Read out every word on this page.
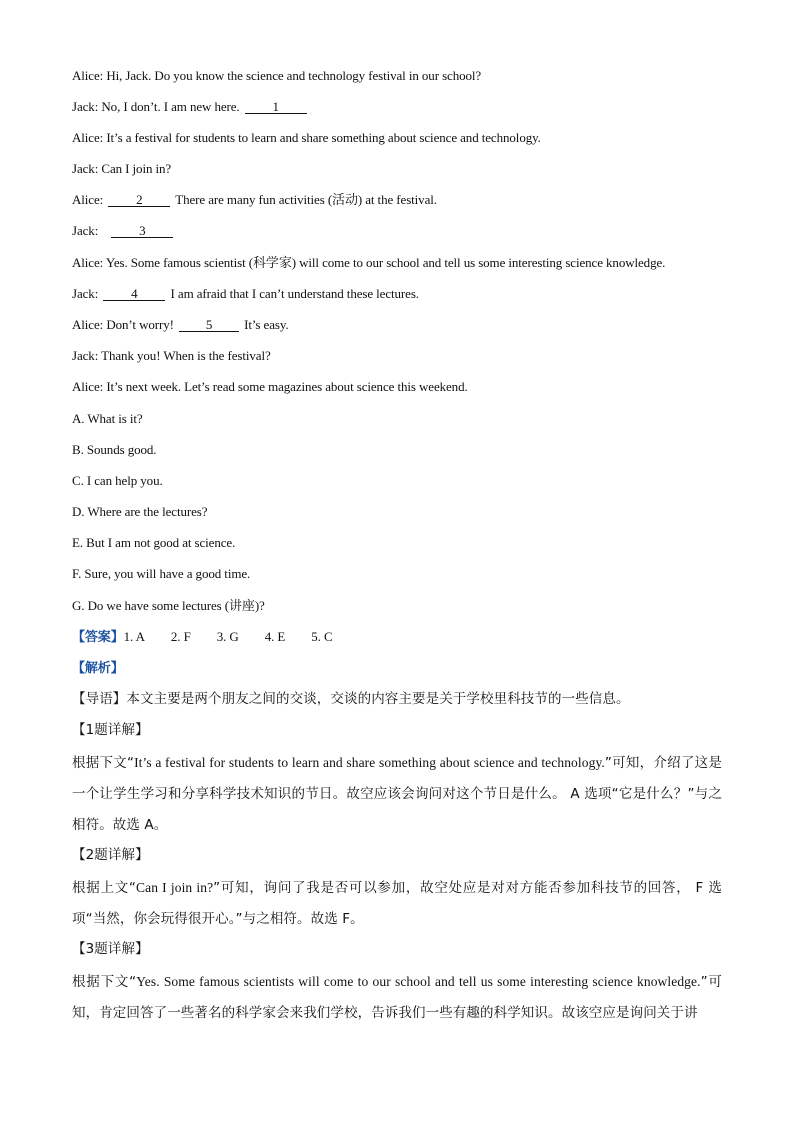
Alice: Hi, Jack. Do you know the science and technology festival in our school?
Jack: No, I don’t. I am new here.	1
Alice: It’s a festival for students to learn and share something about science and technology.
Jack: Can I join in?
Alice:	2	There are many fun activities (活动) at the festival.
Jack:	3
Alice: Yes. Some famous scientist (科学家) will come to our school and tell us some interesting science knowledge.
Jack:	4	I am afraid that I can’t understand these lectures.
Alice: Don’t worry! 5 It’s easy.
Jack: Thank you! When is the festival?
Alice: It’s next week. Let’s read some magazines about science this weekend.
A. What is it?
B. Sounds good.
C. I can help you.
D. Where are the lectures?
E. But I am not good at science.
F. Sure, you will have a good time.
G. Do we have some lectures (讲座)?
【答案】1. A 2. F 3. G 4. E 5. C
【解析】
【导语】本文主要是两个朋友之间的交谈，交谈的内容主要是关于学校里科技节的一些信息。
【1题详解】
根据下文“It’s a festival for students to learn and share something about science and technology.”可知，介绍了这是一个让学生学习和分享科学技术知识的节日。故空应该会询问对这个节日是什么。 A 选项“它是什么？”与之相符。故选 A。
【2题详解】
根据上文“Can I join in?”可知，询问了我是否可以参加，故空处应是对对方能否参加科技节的回答， F 选项“当然，你会玩得很开心。”与之相符。故选 F。
【3题详解】
根据下文“Yes. Some famous scientists will come to our school and tell us some interesting science knowledge.”可知，肯定回答了一些著名的科学家会来我们学校，告诉我们一些有趣的科学知识。故该空应是询问关于讲
